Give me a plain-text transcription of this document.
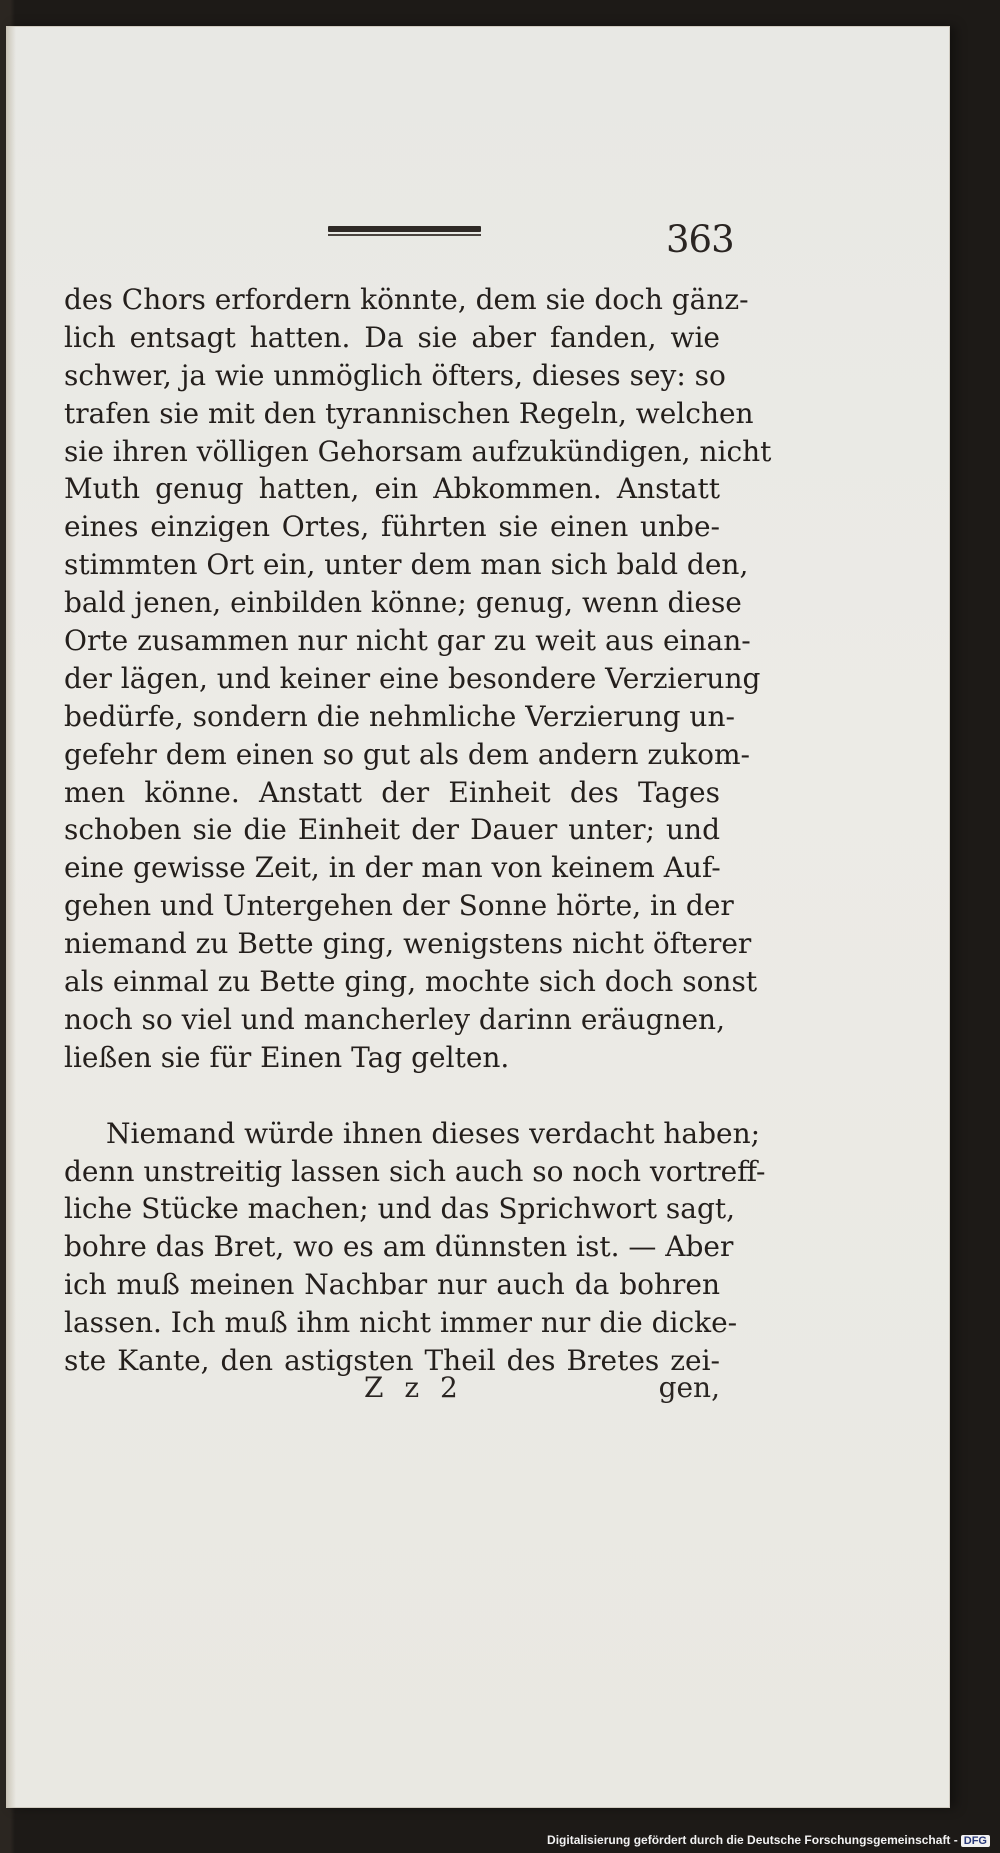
363
des Chors erfordern könnte, dem sie doch gänz-
lich entsagt hatten. Da sie aber fanden, wie
schwer, ja wie unmöglich öfters, dieses sey: so
trafen sie mit den tyrannischen Regeln, welchen
sie ihren völligen Gehorsam aufzukündigen, nicht
Muth genug hatten, ein Abkommen. Anstatt
eines einzigen Ortes, führten sie einen unbe-
stimmten Ort ein, unter dem man sich bald den,
bald jenen, einbilden könne; genug, wenn diese
Orte zusammen nur nicht gar zu weit aus einan-
der lägen, und keiner eine besondere Verzierung
bedürfe, sondern die nehmliche Verzierung un-
gefehr dem einen so gut als dem andern zukom-
men könne. Anstatt der Einheit des Tages
schoben sie die Einheit der Dauer unter; und
eine gewisse Zeit, in der man von keinem Auf-
gehen und Untergehen der Sonne hörte, in der
niemand zu Bette ging, wenigstens nicht öfterer
als einmal zu Bette ging, mochte sich doch sonst
noch so viel und mancherley darinn eräugnen,
ließen sie für Einen Tag gelten.
Niemand würde ihnen dieses verdacht haben;
denn unstreitig lassen sich auch so noch vortreff-
liche Stücke machen; und das Sprichwort sagt,
bohre das Bret, wo es am dünnsten ist. — Aber
ich muß meinen Nachbar nur auch da bohren
lassen. Ich muß ihm nicht immer nur die dicke-
ste Kante, den astigsten Theil des Bretes zei-
Z z 2	gen,
Digitalisierung gefördert durch die Deutsche Forschungsgemeinschaft - DFG
